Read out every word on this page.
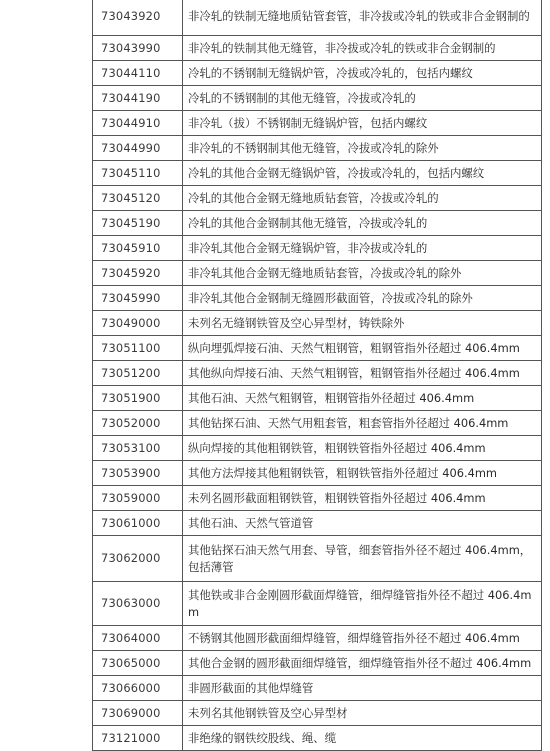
73043920	非冷轧的铁制无缝地质钻管套管，非冷拔或冷轧的铁或非合金钢制的
73043990	非冷轧的铁制其他无缝管，非冷拔或冷轧的铁或非合金钢制的
73044110	冷轧的不锈钢制无缝锅炉管，冷拔或冷轧的，包括内螺纹
73044190	冷轧的不锈钢制的其他无缝管，冷拔或冷轧的
73044910	非冷轧（拔）不锈钢制无缝锅炉管，包括内螺纹
73044990	非冷轧的不锈钢制其他无缝管，冷拔或冷轧的除外
73045110	冷轧的其他合金钢无缝锅炉管，冷拔或冷轧的，包括内螺纹
73045120	冷轧的其他合金钢无缝地质钻套管，冷拔或冷轧的
73045190	冷轧的其他合金钢制其他无缝管，冷拔或冷轧的
73045910	非冷轧其他合金钢无缝锅炉管，非冷拔或冷轧的
73045920	非冷轧其他合金钢无缝地质钻套管，冷拔或冷轧的除外
73045990	非冷轧其他合金钢制无缝圆形截面管，冷拔或冷轧的除外
73049000	未列名无缝钢铁管及空心异型材，铸铁除外
73051100	纵向埋弧焊接石油、天然气粗钢管，粗钢管指外径超过 406.4mm
73051200	其他纵向焊接石油、天然气粗钢管，粗钢管指外径超过 406.4mm
73051900	其他石油、天然气粗钢管，粗钢管指外径超过 406.4mm
73052000	其他钻探石油、天然气用粗套管，粗套管指外径超过 406.4mm
73053100	纵向焊接的其他粗钢铁管，粗钢铁管指外径超过 406.4mm
73053900	其他方法焊接其他粗钢铁管，粗钢铁管指外径超过 406.4mm
73059000	未列名圆形截面粗钢铁管，粗钢铁管指外径超过 406.4mm
73061000	其他石油、天然气管道管
73062000	其他钻探石油天然气用套、导管，细套管指外径不超过 406.4mm，包括薄管
73063000	其他铁或非合金刚圆形截面焊缝管，细焊缝管指外径不超过 406.4mm
73064000	不锈钢其他圆形截面细焊缝管，细焊缝管指外径不超过 406.4mm
73065000	其他合金钢的圆形截面细焊缝管，细焊缝管指外径不超过 406.4mm
73066000	非圆形截面的其他焊缝管
73069000	未列名其他钢铁管及空心异型材
73121000	非绝缘的钢铁绞股线、绳、缆
